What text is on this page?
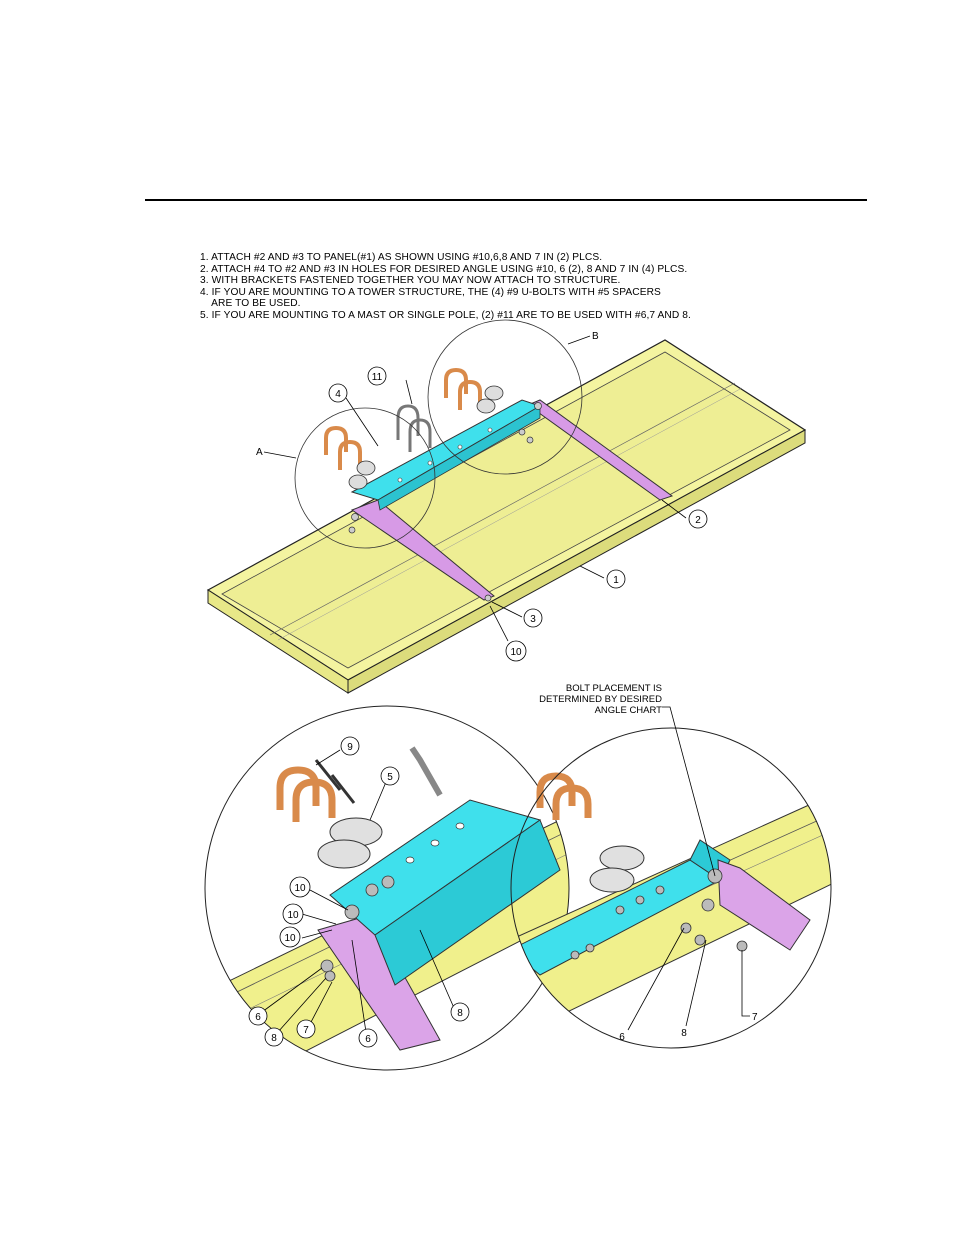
1. ATTACH #2 AND #3 TO PANEL(#1) AS SHOWN USING #10,6,8 AND 7 IN (2) PLCS.
2. ATTACH #4 TO #2 AND #3 IN HOLES FOR DESIRED ANGLE USING #10, 6 (2), 8 AND 7 IN (4) PLCS.
3. WITH BRACKETS FASTENED TOGETHER YOU MAY NOW ATTACH TO STRUCTURE.
4. IF YOU ARE MOUNTING TO A TOWER STRUCTURE, THE (4) #9 U-BOLTS WITH #5 SPACERS
ARE TO BE USED.
5. IF YOU ARE MOUNTING TO A MAST OR SINGLE POLE, (2) #11 ARE TO BE USED WITH #6,7 AND 8.
A
B
1
2
3
4
10
11
9
5
10
10
10
6
8
7
6
8
6	8
7
BOLT PLACEMENT IS
DETERMINED BY DESIRED
ANGLE CHART
